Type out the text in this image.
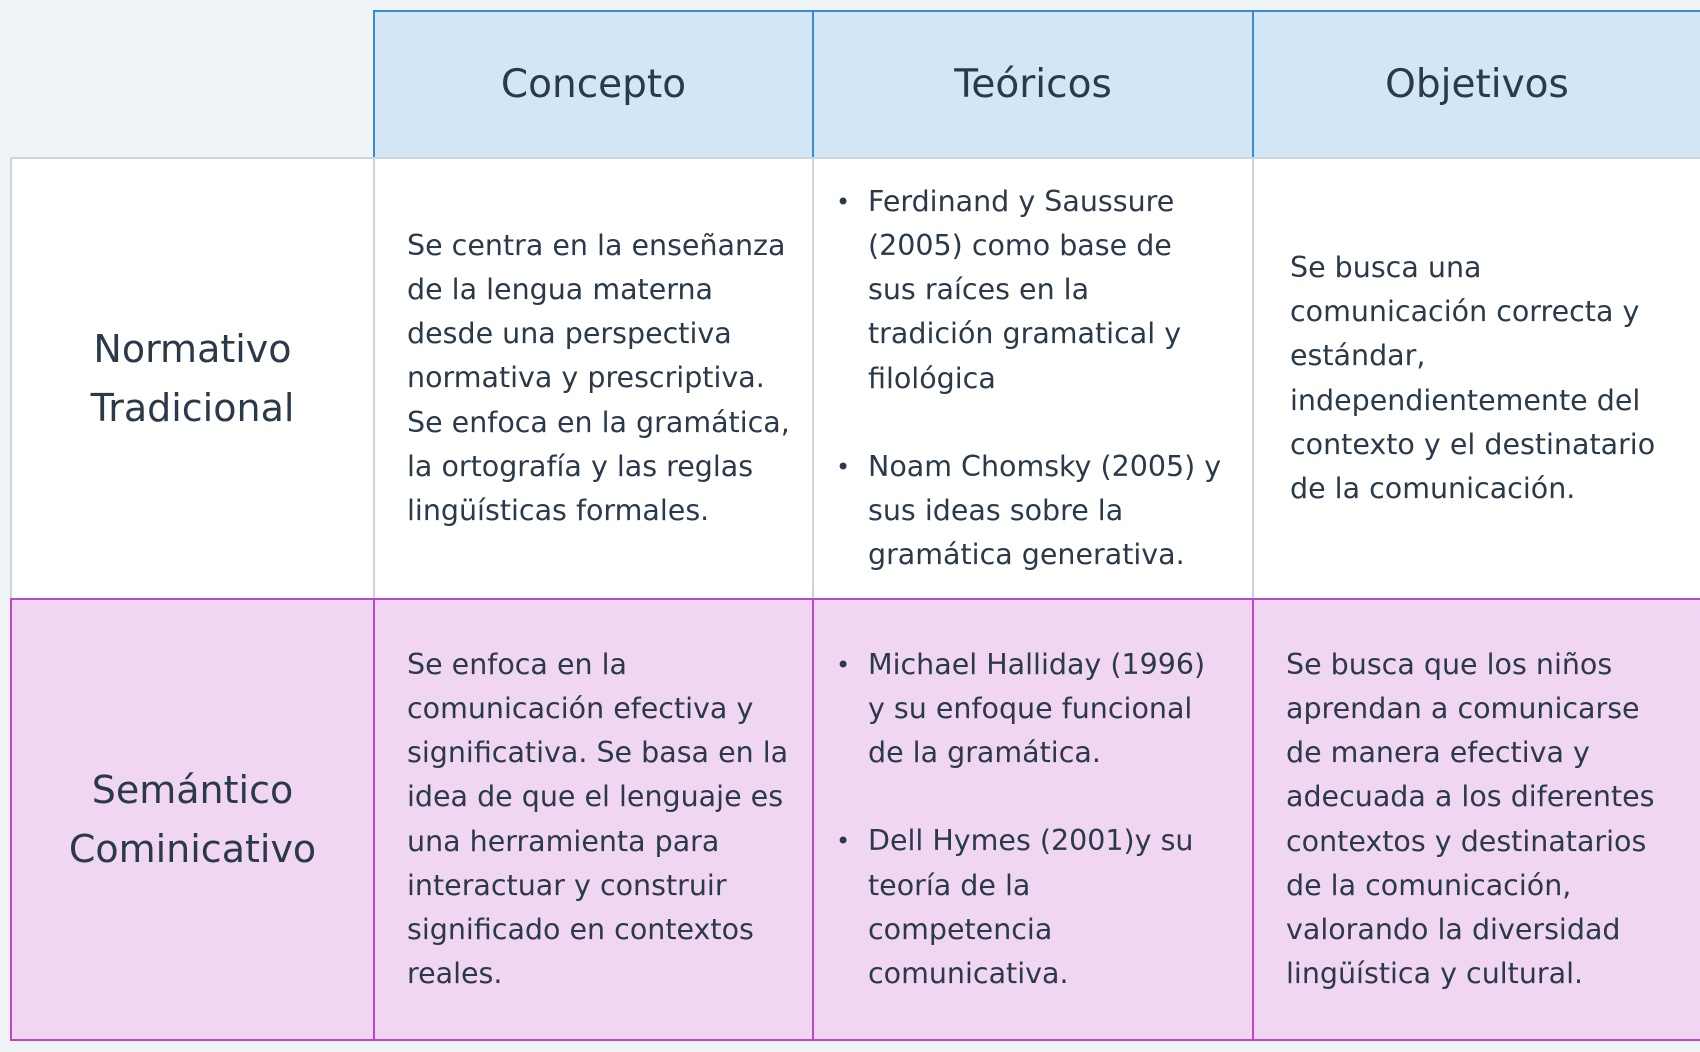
Concepto	Teóricos	Objetivos
Normativo
Tradicional
Se centra en la enseñanza
de la lengua materna
desde una perspectiva
normativa y prescriptiva.
Se enfoca en la gramática,
la ortografía y las reglas
lingüísticas formales.
• Ferdinand y Saussure
(2005) como base de
sus raíces en la
tradición gramatical y
filológica
• Noam Chomsky (2005) y
sus ideas sobre la
gramática generativa.
Se busca una
comunicación correcta y
estándar,
independientemente del
contexto y el destinatario
de la comunicación.
Semántico
Cominicativo
Se enfoca en la
comunicación efectiva y
significativa. Se basa en la
idea de que el lenguaje es
una herramienta para
interactuar y construir
significado en contextos
reales.
• Michael Halliday (1996)
y su enfoque funcional
de la gramática.
• Dell Hymes (2001)y su
teoría de la
competencia
comunicativa.
Se busca que los niños
aprendan a comunicarse
de manera efectiva y
adecuada a los diferentes
contextos y destinatarios
de la comunicación,
valorando la diversidad
lingüística y cultural.
